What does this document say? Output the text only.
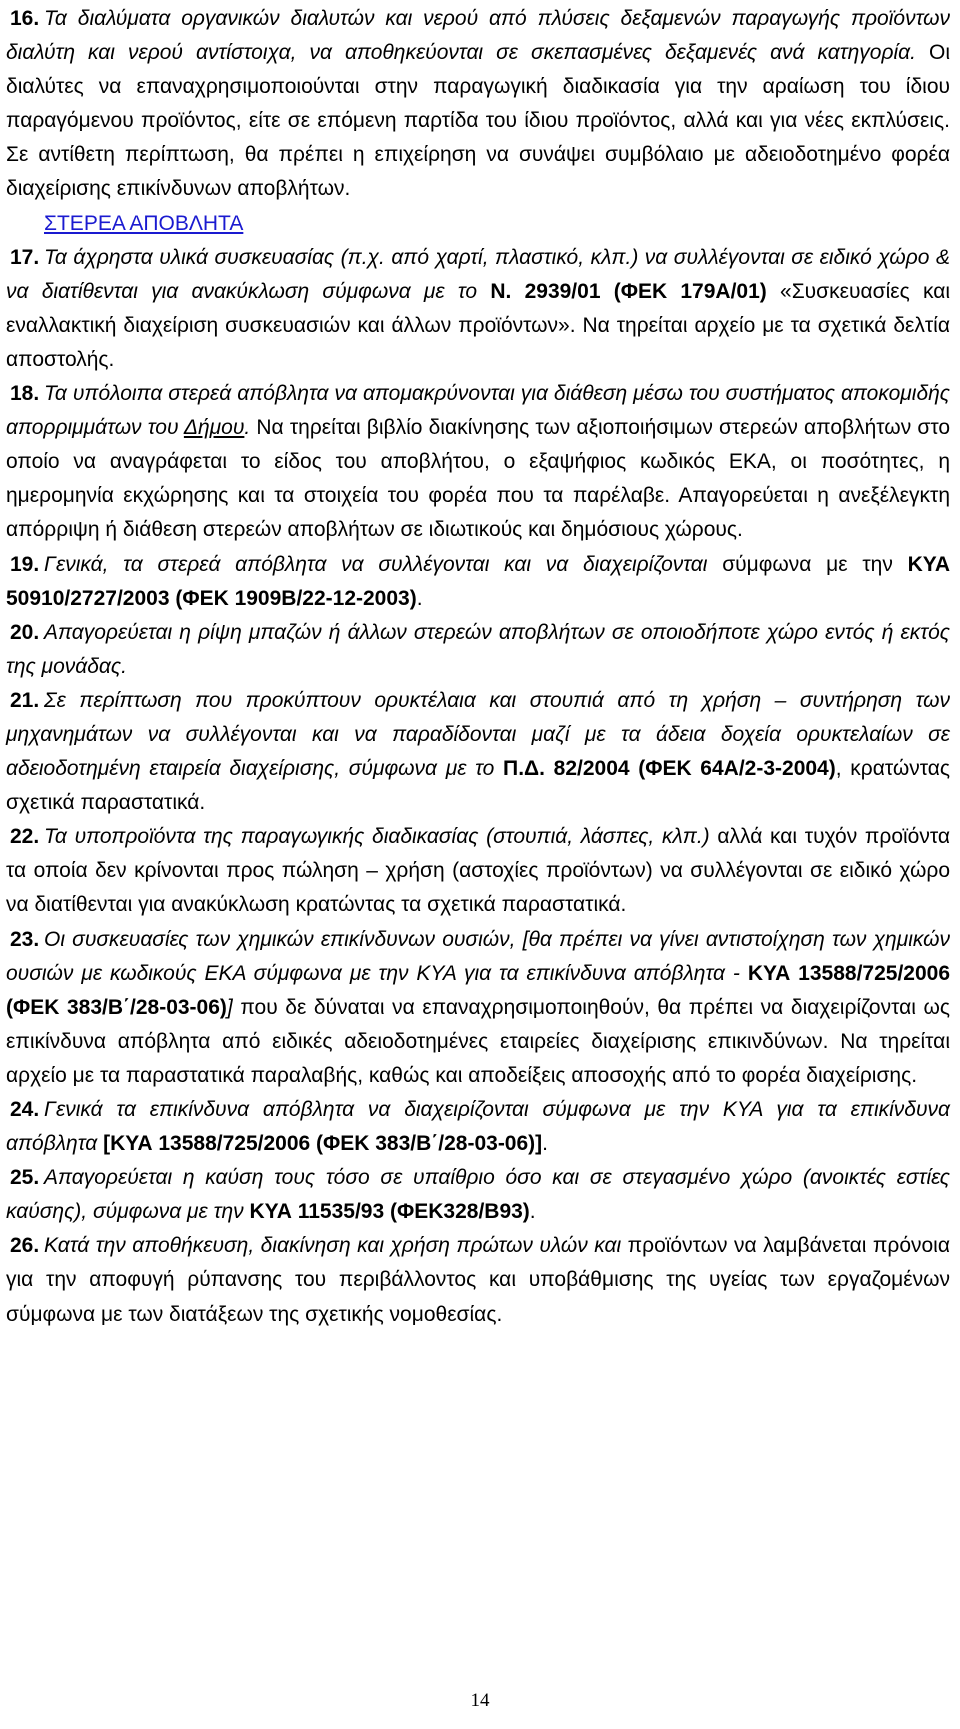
16. Τα διαλύματα οργανικών διαλυτών και νερού από πλύσεις δεξαμενών παραγωγής προϊόντων διαλύτη και νερού αντίστοιχα, να αποθηκεύονται σε σκεπασμένες δεξαμενές ανά κατηγορία. Οι διαλύτες να επαναχρησιμοποιούνται στην παραγωγική διαδικασία για την αραίωση του ίδιου παραγόμενου προϊόντος, είτε σε επόμενη παρτίδα του ίδιου προϊόντος, αλλά και για νέες εκπλύσεις. Σε αντίθετη περίπτωση, θα πρέπει η επιχείρηση να συνάψει συμβόλαιο με αδειοδοτημένο φορέα διαχείρισης επικίνδυνων αποβλήτων.

ΣΤΕΡΕΑ ΑΠΟΒΛΗΤΑ

17. Τα άχρηστα υλικά συσκευασίας (π.χ. από χαρτί, πλαστικό, κλπ.) να συλλέγονται σε ειδικό χώρο & να διατίθενται για ανακύκλωση σύμφωνα με το Ν. 2939/01 (ΦΕΚ 179Α/01) «Συσκευασίες και εναλλακτική διαχείριση συσκευασιών και άλλων προϊόντων». Να τηρείται αρχείο με τα σχετικά δελτία αποστολής.

18. Τα υπόλοιπα στερεά απόβλητα να απομακρύνονται για διάθεση μέσω του συστήματος αποκομιδής απορριμμάτων του Δήμου. Να τηρείται βιβλίο διακίνησης των αξιοποιήσιμων στερεών αποβλήτων στο οποίο να αναγράφεται το είδος του αποβλήτου, ο εξαψήφιος κωδικός ΕΚΑ, οι ποσότητες, η ημερομηνία εκχώρησης και τα στοιχεία του φορέα που τα παρέλαβε. Απαγορεύεται η ανεξέλεγκτη απόρριψη ή διάθεση στερεών αποβλήτων σε ιδιωτικούς και δημόσιους χώρους.

19. Γενικά, τα στερεά απόβλητα να συλλέγονται και να διαχειρίζονται σύμφωνα με την ΚΥΑ 50910/2727/2003 (ΦΕΚ 1909Β/22-12-2003).

20. Απαγορεύεται η ρίψη μπαζών ή άλλων στερεών αποβλήτων σε οποιοδήποτε χώρο εντός ή εκτός της μονάδας.

21. Σε περίπτωση που προκύπτουν ορυκτέλαια και στουπιά από τη χρήση – συντήρηση των μηχανημάτων να συλλέγονται και να παραδίδονται μαζί με τα άδεια δοχεία ορυκτελαίων σε αδειοδοτημένη εταιρεία διαχείρισης, σύμφωνα με το Π.Δ. 82/2004 (ΦΕΚ 64Α/2-3-2004), κρατώντας σχετικά παραστατικά.

22. Τα υποπροϊόντα της παραγωγικής διαδικασίας (στουπιά, λάσπες, κλπ.) αλλά και τυχόν προϊόντα τα οποία δεν κρίνονται προς πώληση – χρήση (αστοχίες προϊόντων) να συλλέγονται σε ειδικό χώρο να διατίθενται για ανακύκλωση κρατώντας τα σχετικά παραστατικά.

23. Οι συσκευασίες των χημικών επικίνδυνων ουσιών, [θα πρέπει να γίνει αντιστοίχηση των χημικών ουσιών με κωδικούς ΕΚΑ σύμφωνα με την ΚΥΑ για τα επικίνδυνα απόβλητα - ΚΥΑ 13588/725/2006 (ΦΕΚ 383/Β΄/28-03-06)] που δε δύναται να επαναχρησιμοποιηθούν, θα πρέπει να διαχειρίζονται ως επικίνδυνα απόβλητα από ειδικές αδειοδοτημένες εταιρείες διαχείρισης επικινδύνων. Να τηρείται αρχείο με τα παραστατικά παραλαβής, καθώς και αποδείξεις αποσοχής από το φορέα διαχείρισης.

24. Γενικά τα επικίνδυνα απόβλητα να διαχειρίζονται σύμφωνα με την ΚΥΑ για τα επικίνδυνα απόβλητα [ΚΥΑ 13588/725/2006 (ΦΕΚ 383/Β΄/28-03-06)].

25. Απαγορεύεται η καύση τους τόσο σε υπαίθριο όσο και σε στεγασμένο χώρο (ανοικτές εστίες καύσης), σύμφωνα με την ΚΥΑ 11535/93 (ΦΕΚ328/Β93).

26. Κατά την αποθήκευση, διακίνηση και χρήση πρώτων υλών και προϊόντων να λαμβάνεται πρόνοια για την αποφυγή ρύπανσης του περιβάλλοντος και υποβάθμισης της υγείας των εργαζομένων σύμφωνα με των διατάξεων της σχετικής νομοθεσίας.

14
